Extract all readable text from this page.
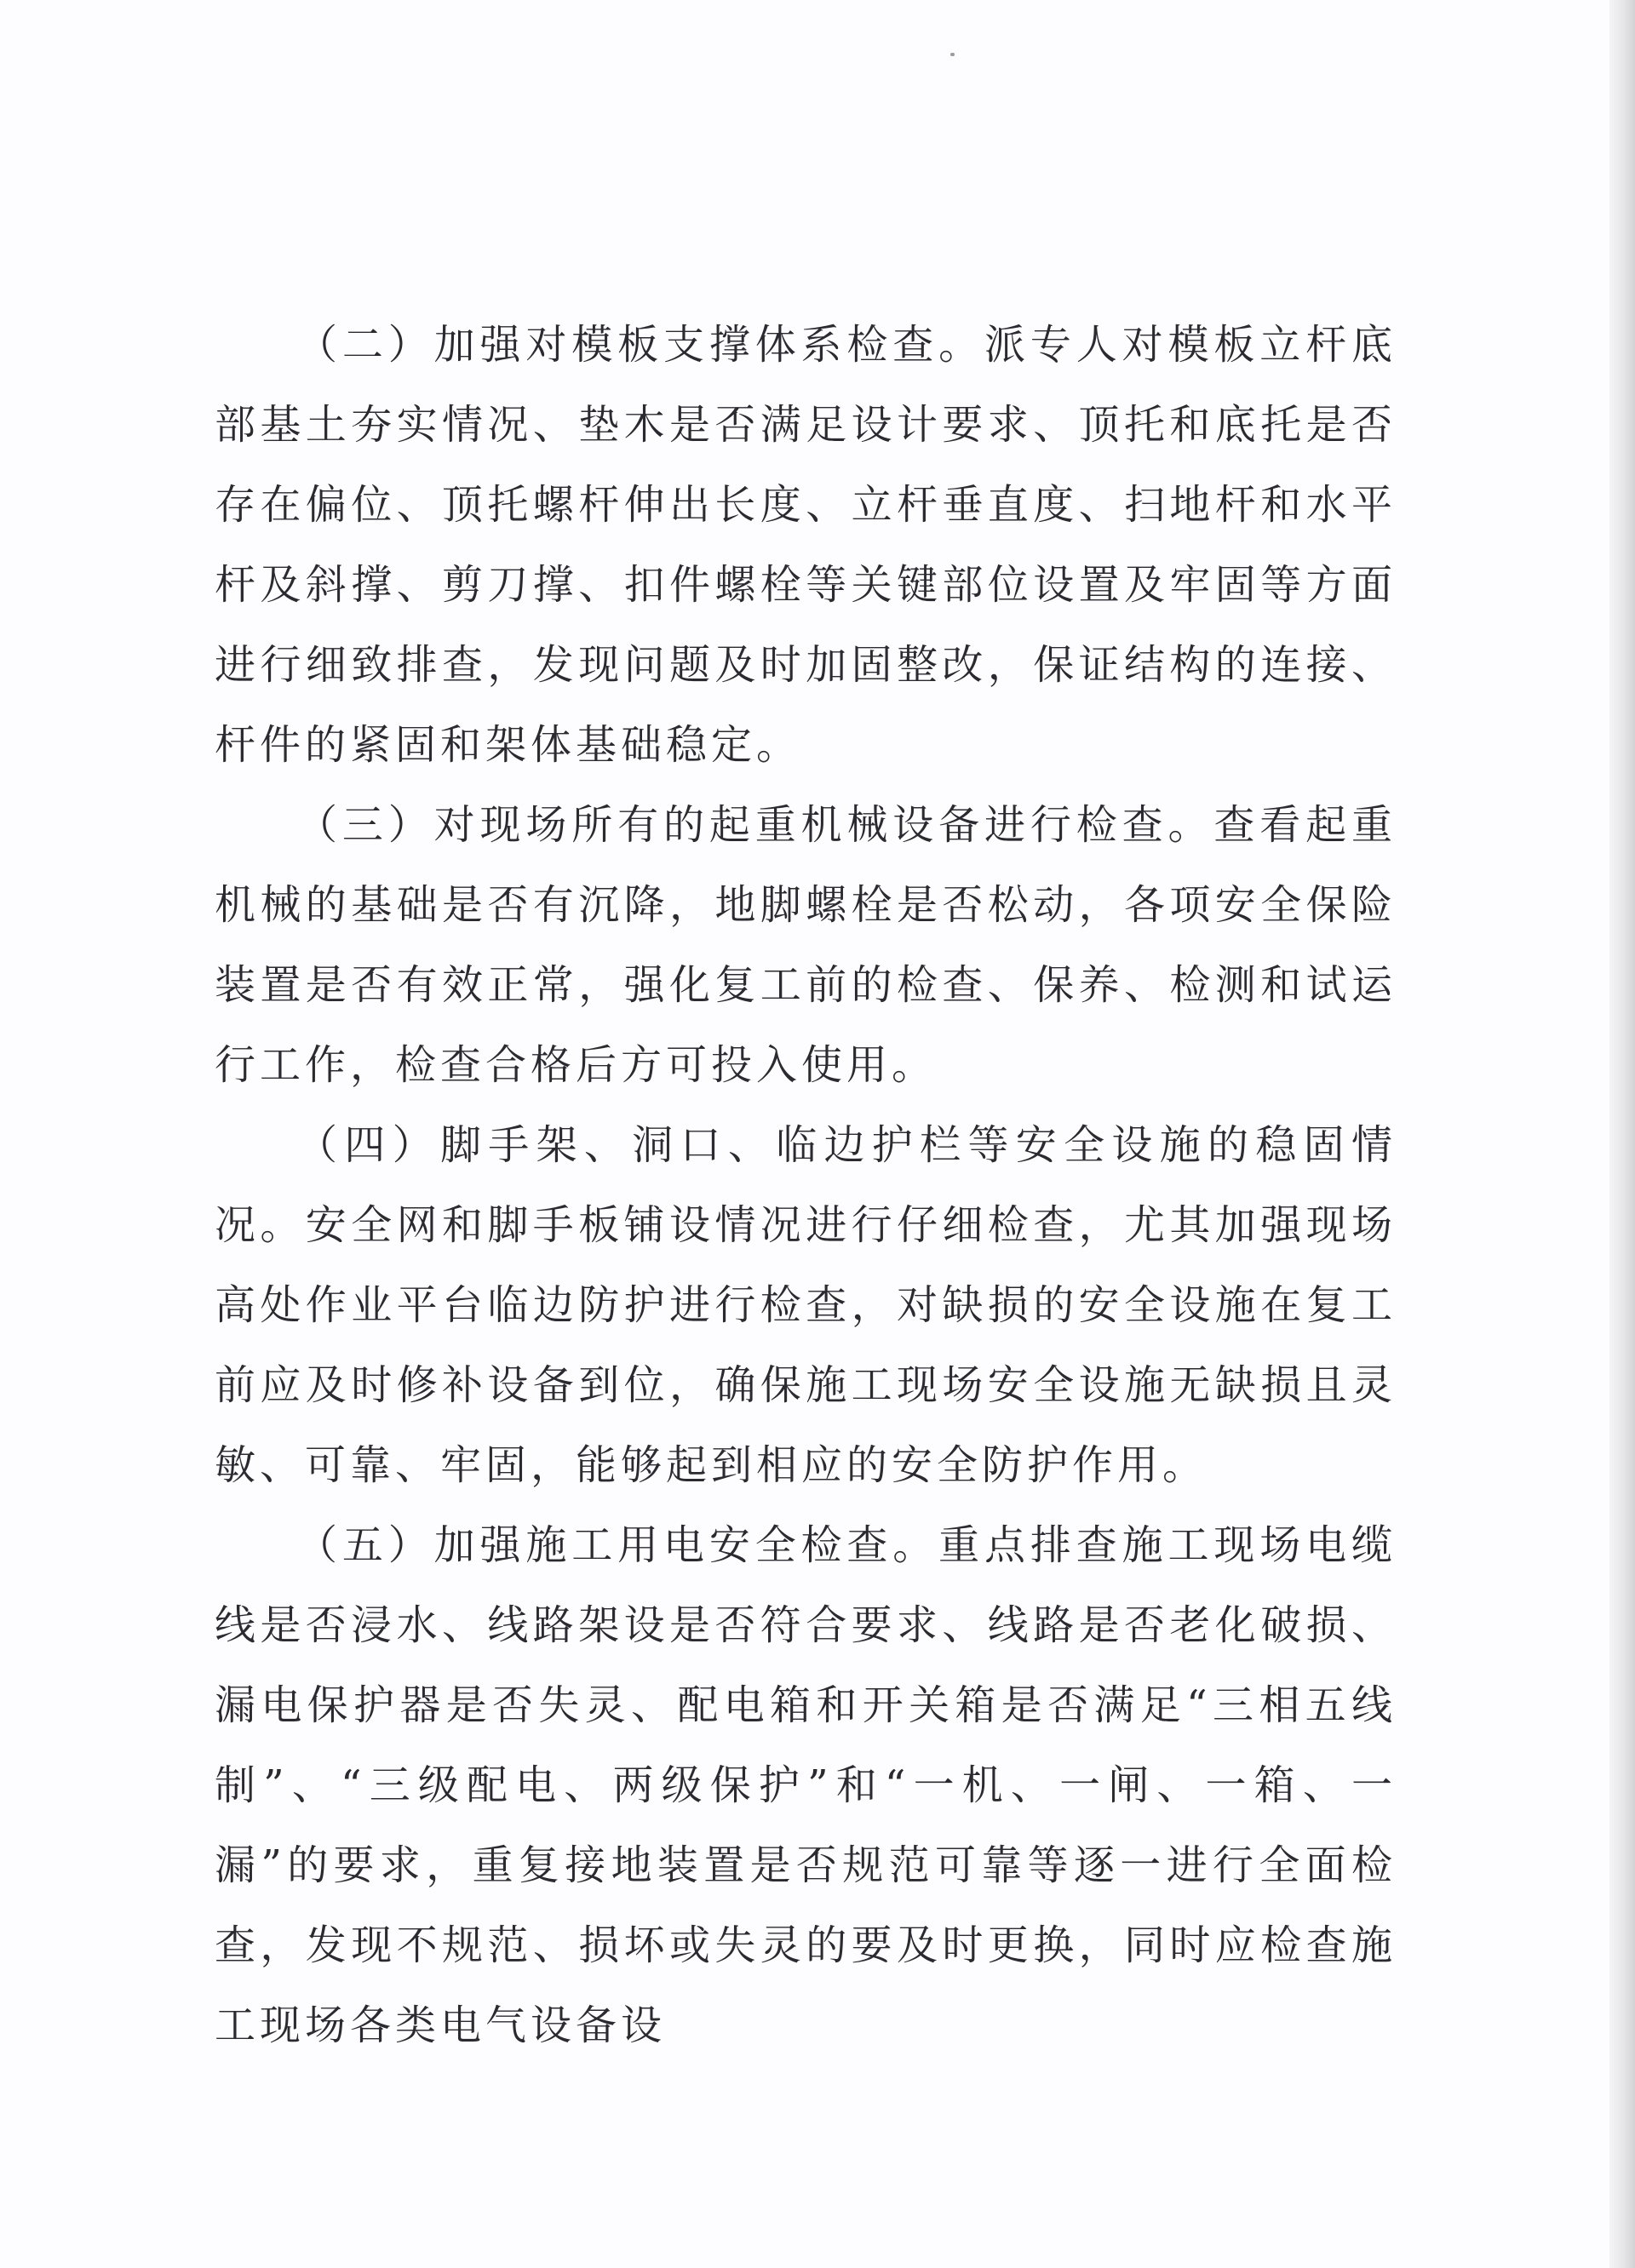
（二）加强对模板支撑体系检查。派专人对模板立杆底部基土夯实情况、垫木是否满足设计要求、顶托和底托是否存在偏位、顶托螺杆伸出长度、立杆垂直度、扫地杆和水平杆及斜撑、剪刀撑、扣件螺栓等关键部位设置及牢固等方面进行细致排查，发现问题及时加固整改，保证结构的连接、杆件的紧固和架体基础稳定。

（三）对现场所有的起重机械设备进行检查。查看起重机械的基础是否有沉降，地脚螺栓是否松动，各项安全保险装置是否有效正常，强化复工前的检查、保养、检测和试运行工作，检查合格后方可投入使用。

（四）脚手架、洞口、临边护栏等安全设施的稳固情况。安全网和脚手板铺设情况进行仔细检查，尤其加强现场高处作业平台临边防护进行检查，对缺损的安全设施在复工前应及时修补设备到位，确保施工现场安全设施无缺损且灵敏、可靠、牢固，能够起到相应的安全防护作用。

（五）加强施工用电安全检查。重点排查施工现场电缆线是否浸水、线路架设是否符合要求、线路是否老化破损、漏电保护器是否失灵、配电箱和开关箱是否满足“三相五线制”、“三级配电、两级保护”和“一机、一闸、一箱、一漏”的要求，重复接地装置是否规范可靠等逐一进行全面检查，发现不规范、损坏或失灵的要及时更换，同时应检查施工现场各类电气设备设
